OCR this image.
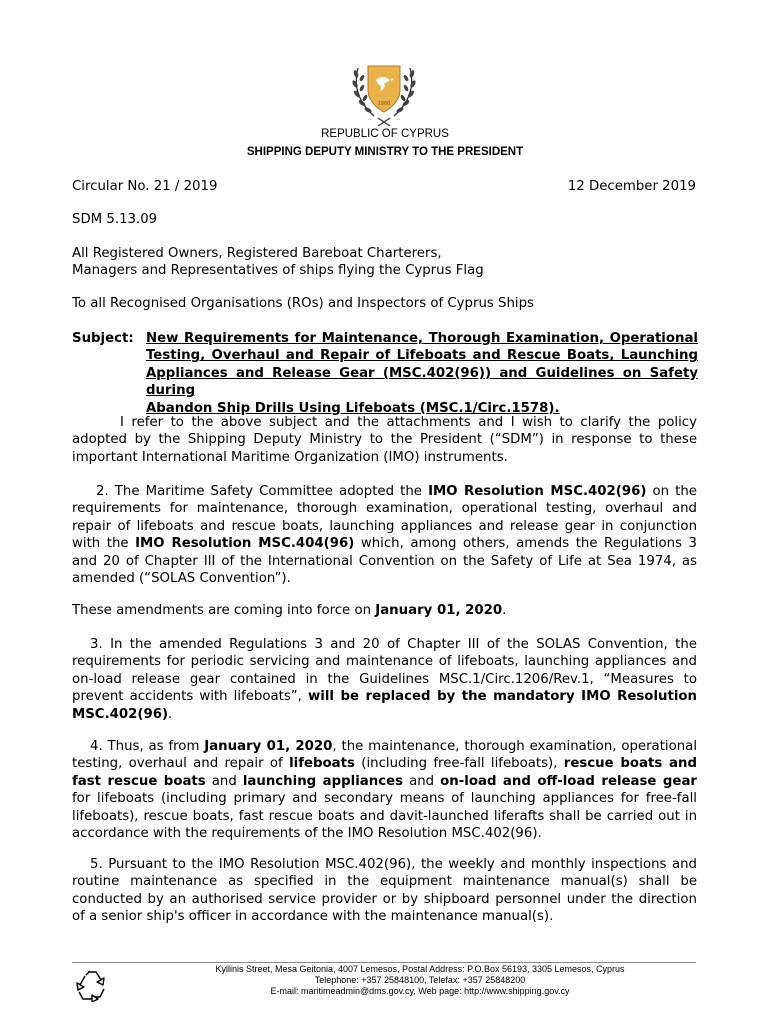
1960
REPUBLIC OF CYPRUS
SHIPPING DEPUTY MINISTRY TO THE PRESIDENT
Circular No. 21 / 2019	12 December 2019
SDM 5.13.09
All Registered Owners, Registered Bareboat Charterers,
Managers and Representatives of ships flying the Cyprus Flag
To all Recognised Organisations (ROs) and Inspectors of Cyprus Ships
Subject: New Requirements for Maintenance, Thorough Examination, Operational
Testing, Overhaul and Repair of Lifeboats and Rescue Boats, Launching
Appliances and Release Gear (MSC.402(96)) and Guidelines on Safety during
Abandon Ship Drills Using Lifeboats (MSC.1/Circ.1578).
I refer to the above subject and the attachments and I wish to clarify the policy adopted by the Shipping Deputy Ministry to the President (“SDM”) in response to these important International Maritime Organization (IMO) instruments.
2. The Maritime Safety Committee adopted the IMO Resolution MSC.402(96) on the requirements for maintenance, thorough examination, operational testing, overhaul and repair of lifeboats and rescue boats, launching appliances and release gear in conjunction with the IMO Resolution MSC.404(96) which, among others, amends the Regulations 3 and 20 of Chapter III of the International Convention on the Safety of Life at Sea 1974, as amended (“SOLAS Convention”).
These amendments are coming into force on January 01, 2020.
3. In the amended Regulations 3 and 20 of Chapter III of the SOLAS Convention, the requirements for periodic servicing and maintenance of lifeboats, launching appliances and on-load release gear contained in the Guidelines MSC.1/Circ.1206/Rev.1, “Measures to prevent accidents with lifeboats”, will be replaced by the mandatory IMO Resolution MSC.402(96).
4. Thus, as from January 01, 2020, the maintenance, thorough examination, operational testing, overhaul and repair of lifeboats (including free-fall lifeboats), rescue boats and fast rescue boats and launching appliances and on-load and off-load release gear for lifeboats (including primary and secondary means of launching appliances for free-fall lifeboats), rescue boats, fast rescue boats and davit-launched liferafts shall be carried out in accordance with the requirements of the IMO Resolution MSC.402(96).
5. Pursuant to the IMO Resolution MSC.402(96), the weekly and monthly inspections and routine maintenance as specified in the equipment maintenance manual(s) shall be conducted by an authorised service provider or by shipboard personnel under the direction of a senior ship's officer in accordance with the maintenance manual(s).
Kyllinis Street, Mesa Geitonia, 4007 Lemesos, Postal Address: P.O.Box 56193, 3305 Lemesos, Cyprus
Telephone: +357 25848100, Telefax: +357 25848200
E-mail: maritimeadmin@dms.gov.cy, Web page: http://www.shipping.gov.cy
